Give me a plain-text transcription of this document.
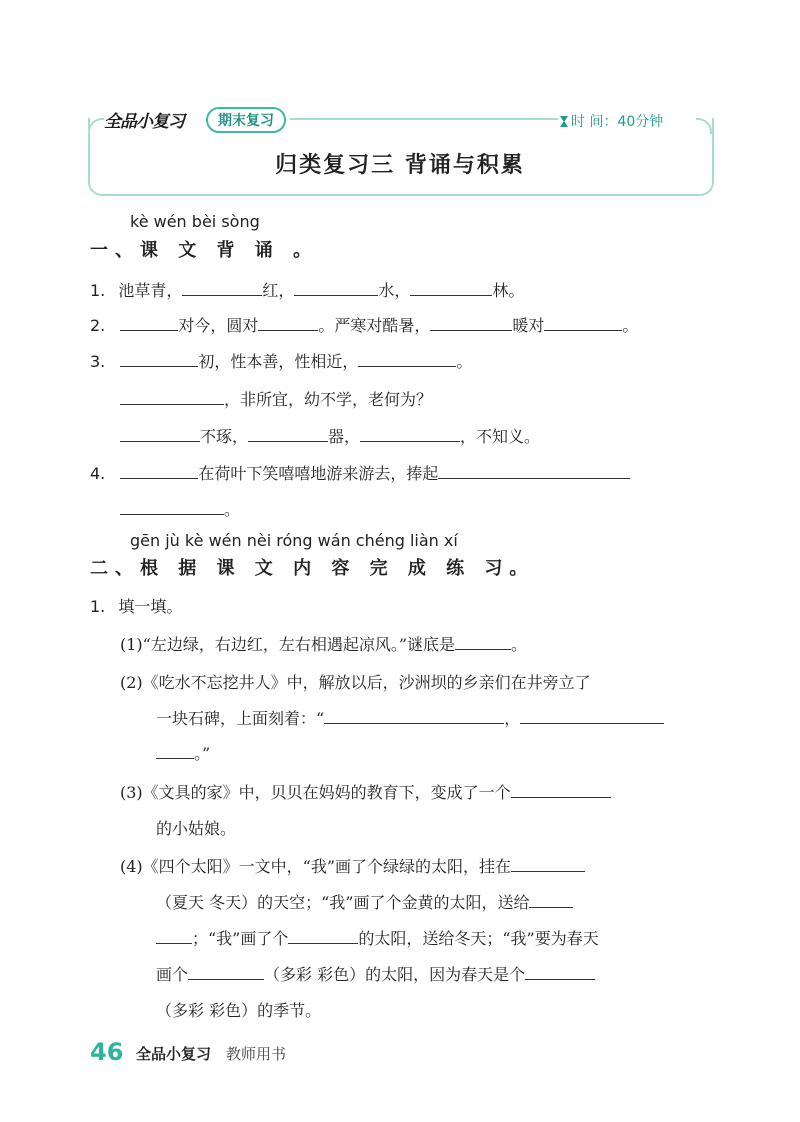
全品小复习	期末复习	时 间：40分钟
归类复习三 背诵与积累
kè wén bèi sòng
一、课 文 背 诵 。
1. 池草青，	红，	水，	林。
2.	对今，圆对	。严寒对酷暑，	暖对	。
3.	初，性本善，性相近，	。
，非所宜，幼不学，老何为？
不琢，	器，	，不知义。
4.	在荷叶下笑嘻嘻地游来游去，捧起
。
gēn jù kè wén nèi róng wán chéng liàn xí
二、根 据 课 文 内 容 完 成 练 习。
1. 填一填。
(1)“左边绿，右边红，左右相遇起凉风。”谜底是	。
(2)《吃水不忘挖井人》中，解放以后，沙洲坝的乡亲们在井旁立了
一块石碑，上面刻着：“	，
。”
(3)《文具的家》中，贝贝在妈妈的教育下，变成了一个
的小姑娘。
(4)《四个太阳》一文中，“我”画了个绿绿的太阳，挂在
（夏天 冬天）的天空；“我”画了个金黄的太阳，送给
；“我”画了个	的太阳，送给冬天；“我”要为春天
画个	（多彩 彩色）的太阳，因为春天是个
（多彩 彩色）的季节。
46 全品小复习 教师用书
